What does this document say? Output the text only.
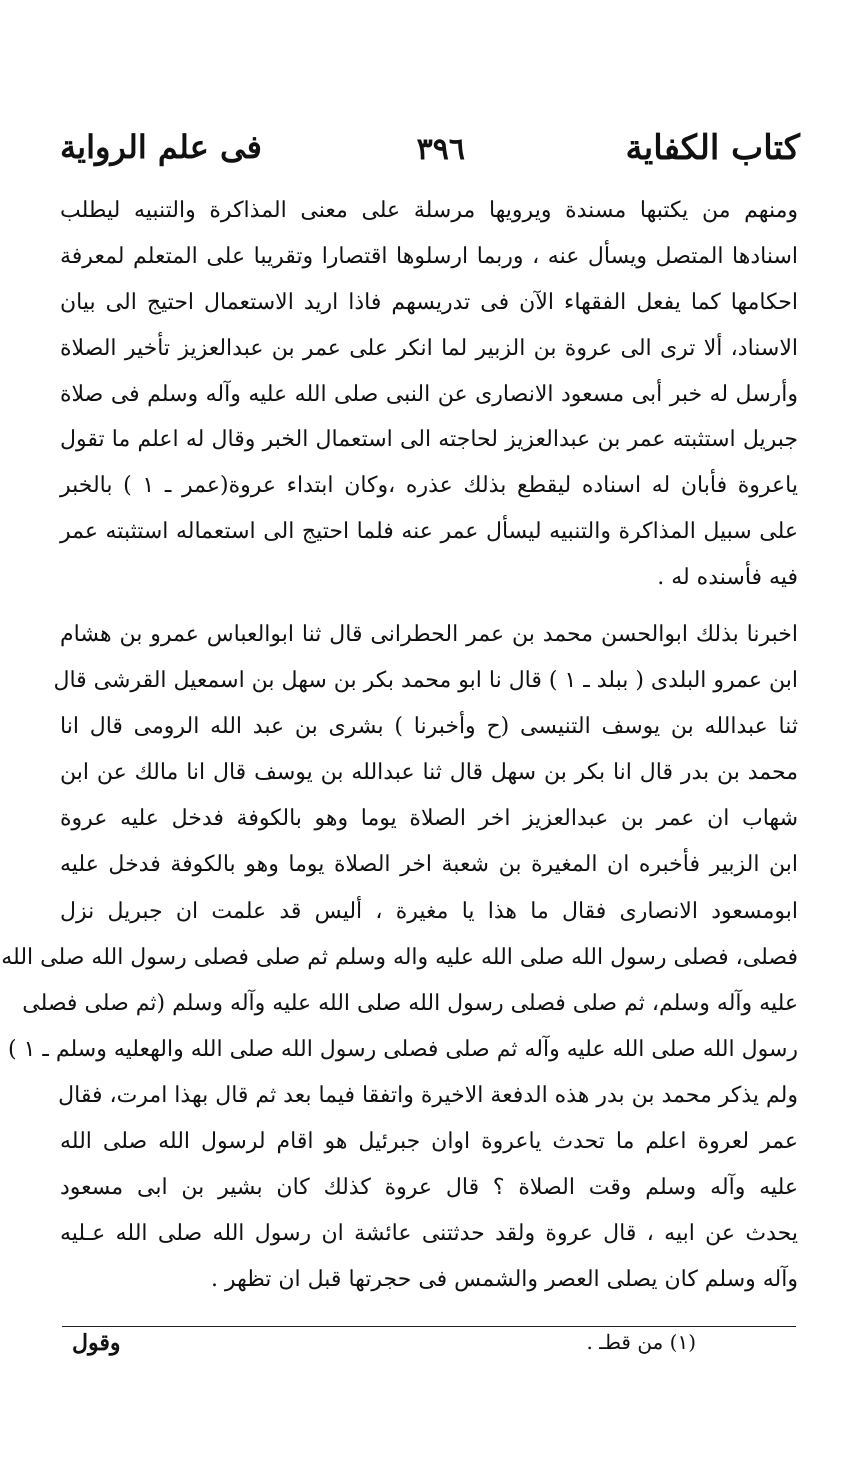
كتاب الكفاية
٣٩٦
فى علم الرواية
ومنهم من يكتبها مسندة ويرويها مرسلة على معنى المذاكرة والتنبيه ليطلب
اسنادها المتصل ويسأل عنه ، وربما ارسلوها اقتصارا وتقريبا على المتعلم لمعرفة
احكامها كما يفعل الفقهاء الآن فى تدريسهم فاذا اريد الاستعمال احتيج الى بيان
الاسناد، ألا ترى الى عروة بن الزبير لما انكر على عمر بن عبدالعزيز تأخير الصلاة
وأرسل له خبر أبى مسعود الانصارى عن النبى صلى الله عليه وآله وسلم فى صلاة
جبريل استثبته عمر بن عبدالعزيز لحاجته الى استعمال الخبر وقال له اعلم ما تقول
ياعروة فأبان له اسناده ليقطع بذلك عذره ،وكان ابتداء عروة(عمر ـ ١ ) بالخبر
على سبيل المذاكرة والتنبيه ليسأل عمر عنه فلما احتيج الى استعماله استثبته عمر
فيه فأسنده له .
اخبرنا بذلك ابوالحسن محمد بن عمر الحطرانى قال ثنا ابوالعباس عمرو بن هشام
ابن عمرو البلدى ( ببلد ـ ١ ) قال نا ابو محمد بكر بن سهل بن اسمعيل القرشى قال
ثنا عبدالله بن يوسف التنيسى (ح وأخبرنا ) بشرى بن عبد الله الرومى قال انا
محمد بن بدر قال انا بكر بن سهل قال ثنا عبدالله بن يوسف قال انا مالك عن ابن
شهاب ان عمر بن عبدالعزيز اخر الصلاة يوما وهو بالكوفة فدخل عليه عروة
ابن الزبير فأخبره ان المغيرة بن شعبة اخر الصلاة يوما وهو بالكوفة فدخل عليه
ابومسعود الانصارى فقال ما هذا يا مغيرة ، أليس قد علمت ان جبريل نزل
فصلى، فصلى رسول الله صلى الله عليه واله وسلم ثم صلى فصلى رسول الله صلى الله
عليه وآله وسلم، ثم صلى فصلى رسول الله صلى الله عليه وآله وسلم (ثم صلى فصلى
رسول الله صلى الله عليه وآله ثم صلى فصلى رسول الله صلى الله والهعليه وسلم ـ ١ )
ولم يذكر محمد بن بدر هذه الدفعة الاخيرة واتفقا فيما بعد ثم قال بهذا امرت، فقال
عمر لعروة اعلم ما تحدث ياعروة اوان جبرئيل هو اقام لرسول الله صلى الله
عليه وآله وسلم وقت الصلاة ؟ قال عروة كذلك كان بشير بن ابى مسعود
يحدث عن ابيه ، قال عروة ولقد حدثتنى عائشة ان رسول الله صلى الله عـليه
وآله وسلم كان يصلى العصر والشمس فى حجرتها قبل ان تظهر .
(١) من قطـ .
وقول
